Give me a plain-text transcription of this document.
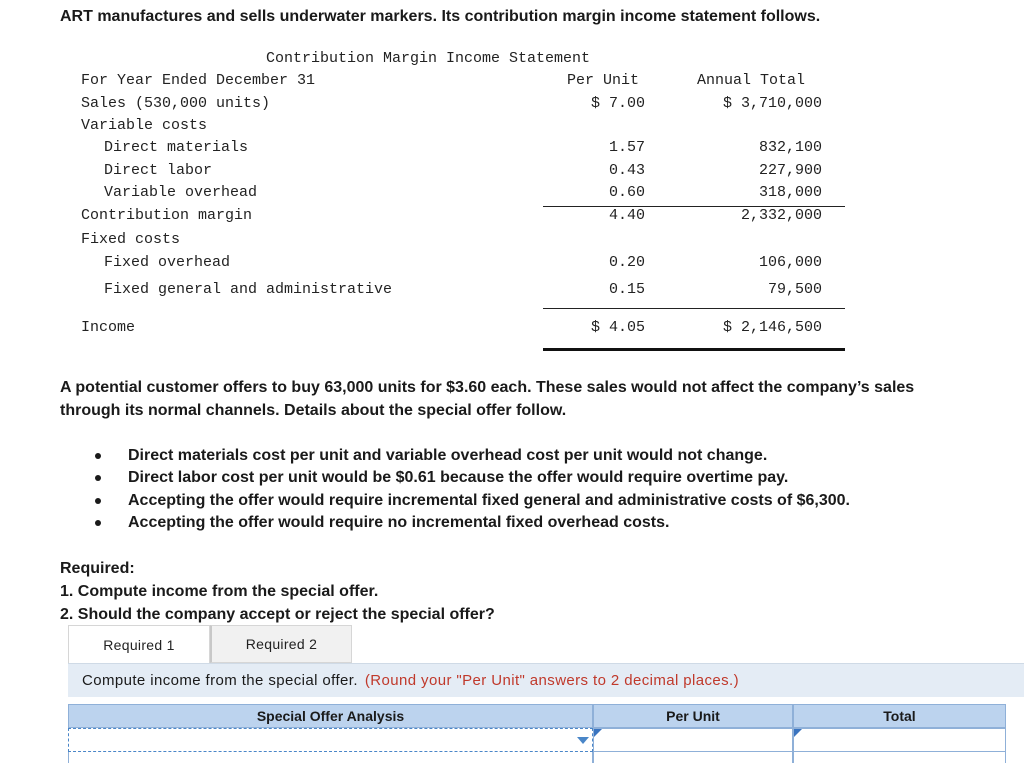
ART manufactures and sells underwater markers. Its contribution margin income statement follows.
Contribution Margin Income Statement
For Year Ended December 31	Per Unit	Annual Total
Sales (530,000 units)	$ 7.00	$ 3,710,000
Variable costs
Direct materials	1.57	832,100
Direct labor	0.43	227,900
Variable overhead	0.60	318,000
Contribution margin	4.40	2,332,000
Fixed costs
Fixed overhead	0.20	106,000
Fixed general and administrative	0.15	79,500
Income	$ 4.05	$ 2,146,500
A potential customer offers to buy 63,000 units for $3.60 each. These sales would not affect the company’s sales through its normal channels. Details about the special offer follow.
Direct materials cost per unit and variable overhead cost per unit would not change.
Direct labor cost per unit would be $0.61 because the offer would require overtime pay.
Accepting the offer would require incremental fixed general and administrative costs of $6,300.
Accepting the offer would require no incremental fixed overhead costs.
Required:
1. Compute income from the special offer.
2. Should the company accept or reject the special offer?
Required 1	Required 2
Compute income from the special offer. (Round your "Per Unit" answers to 2 decimal places.)
Special Offer Analysis	Per Unit	Total
